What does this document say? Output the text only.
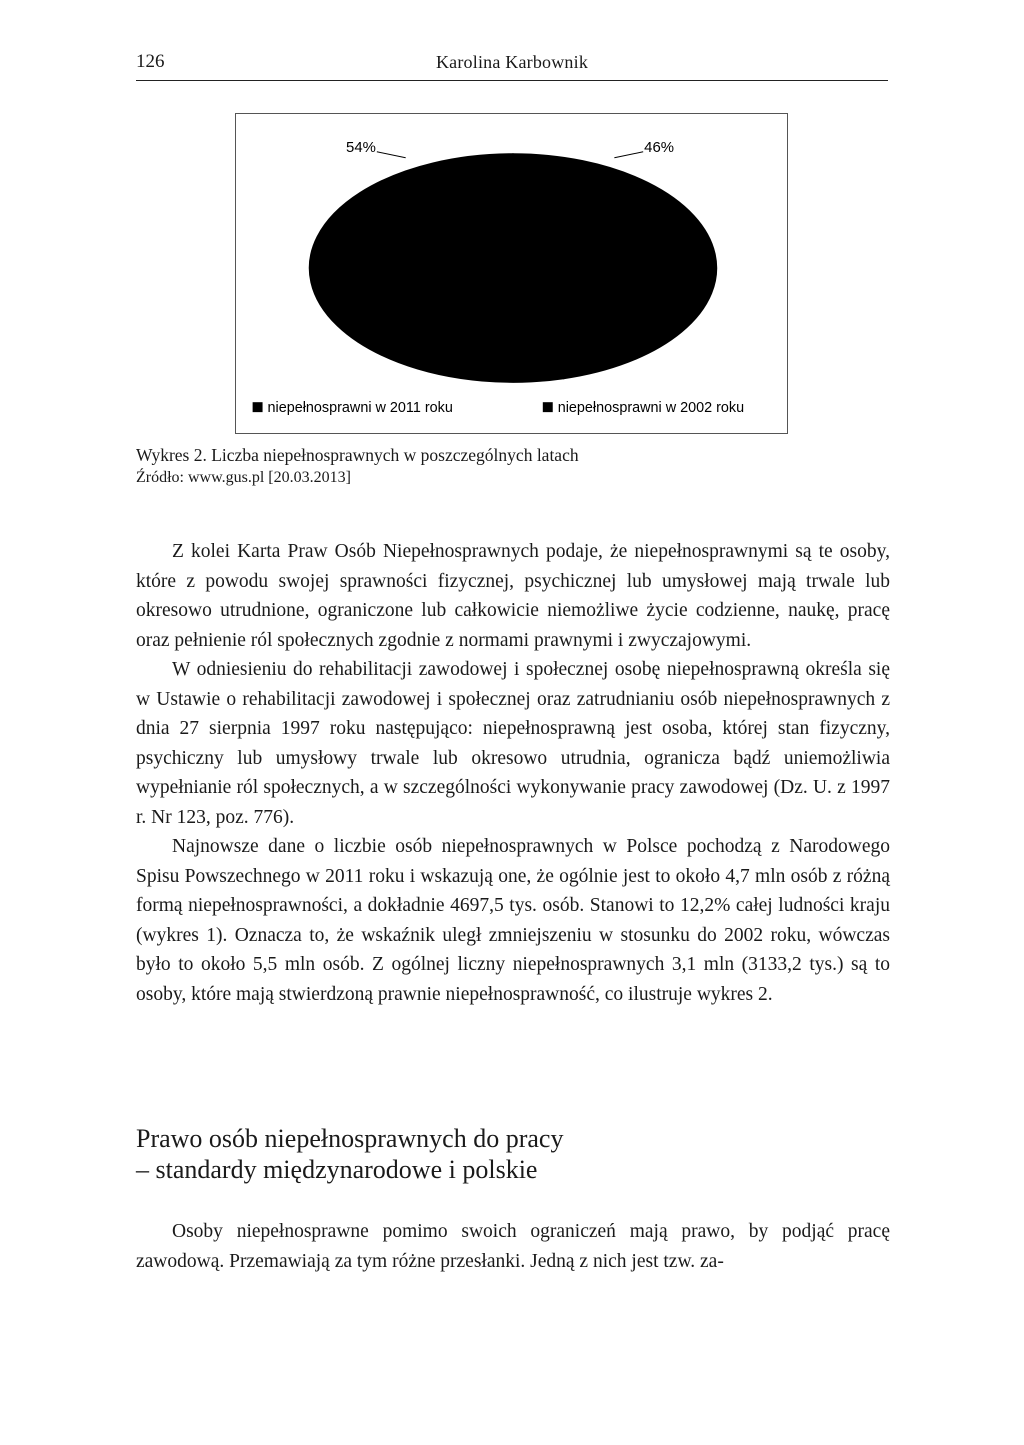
126	Karolina Karbownik
54%	46%
niepełnosprawni w 2011 roku	niepełnosprawni w 2002 roku
Wykres 2. Liczba niepełnosprawnych w poszczególnych latach
Źródło: www.gus.pl [20.03.2013]

Z kolei Karta Praw Osób Niepełnosprawnych podaje, że niepełnosprawnymi są te osoby, które z powodu swojej sprawności fizycznej, psychicznej lub umysłowej mają trwale lub okresowo utrudnione, ograniczone lub całkowicie niemożliwe życie codzienne, naukę, pracę oraz pełnienie ról społecznych zgodnie z normami prawnymi i zwyczajowymi.

W odniesieniu do rehabilitacji zawodowej i społecznej osobę niepełnosprawną określa się w Ustawie o rehabilitacji zawodowej i społecznej oraz zatrudnianiu osób niepełnosprawnych z dnia 27 sierpnia 1997 roku następująco: niepełnosprawną jest osoba, której stan fizyczny, psychiczny lub umysłowy trwale lub okresowo utrudnia, ogranicza bądź uniemożliwia wypełnianie ról społecznych, a w szczególności wykonywanie pracy zawodowej (Dz. U. z 1997 r. Nr 123, poz. 776).

Najnowsze dane o liczbie osób niepełnosprawnych w Polsce pochodzą z Narodowego Spisu Powszechnego w 2011 roku i wskazują one, że ogólnie jest to około 4,7 mln osób z różną formą niepełnosprawności, a dokładnie 4697,5 tys. osób. Stanowi to 12,2% całej ludności kraju (wykres 1). Oznacza to, że wskaźnik uległ zmniejszeniu w stosunku do 2002 roku, wówczas było to około 5,5 mln osób. Z ogólnej liczny niepełnosprawnych 3,1 mln (3133,2 tys.) są to osoby, które mają stwierdzoną prawnie niepełnosprawność, co ilustruje wykres 2.

Prawo osób niepełnosprawnych do pracy
– standardy międzynarodowe i polskie

Osoby niepełnosprawne pomimo swoich ograniczeń mają prawo, by podjąć pracę zawodową. Przemawiają za tym różne przesłanki. Jedną z nich jest tzw. za-
